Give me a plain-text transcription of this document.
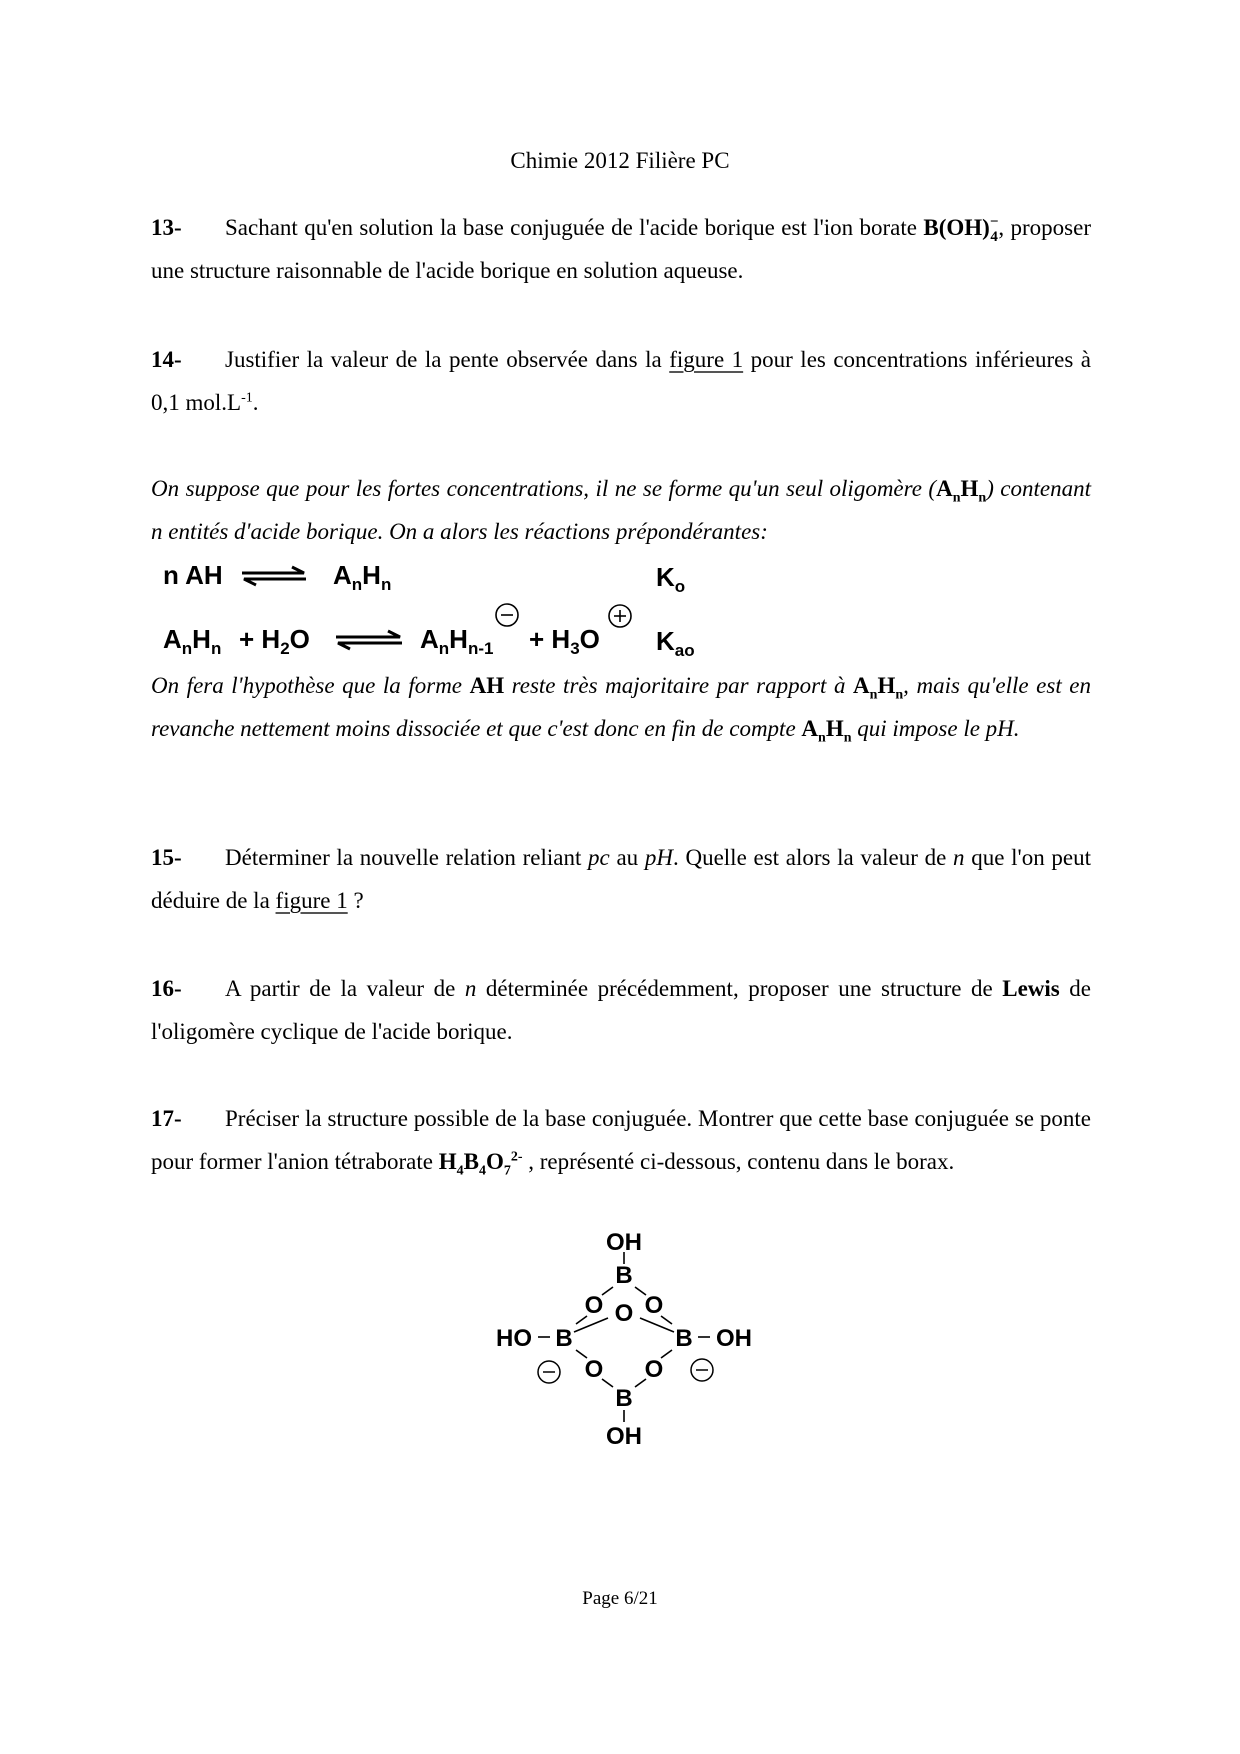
Chimie 2012 Filière PC
13- Sachant qu'en solution la base conjuguée de l'acide borique est l'ion borate B(OH) −
4 , proposer une structure raisonnable de l'acide borique en solution aqueuse.
14- Justifier la valeur de la pente observée dans la figure 1 pour les concentrations inférieures à 0,1 $mol.L^{-1}$.
On suppose que pour les fortes concentrations, il ne se forme qu'un seul oligomère $(A_nH_n)$ contenant n entités d'acide borique. On a alors les réactions prépondérantes:
n AH	$A_nH_n$	$K_o$
$A_nH_n + H_2O$	$A_nH_{n-1} + H_3O$ $K_{ao}$
On fera l'hypothèse que la forme AH reste très majoritaire par rapport à $A_nH_n$, mais qu'elle est en revanche nettement moins dissociée et que c'est donc en fin de compte $A_nH_n$ qui impose le pH.
15- Déterminer la nouvelle relation reliant pc au pH. Quelle est alors la valeur de n que l'on peut déduire de la figure 1 ?
16- A partir de la valeur de n déterminée précédemment, proposer une structure de Lewis de l'oligomère cyclique de l'acide borique.
17- Préciser la structure possible de la base conjuguée. Montrer que cette base conjuguée se ponte pour former l'anion tétraborate $H_4B_4O_7^{2-}$ , représenté ci-dessous, contenu dans le borax.
OH
B
O O
O
HO B	B OH
O O
B
OH
Page 6/21
